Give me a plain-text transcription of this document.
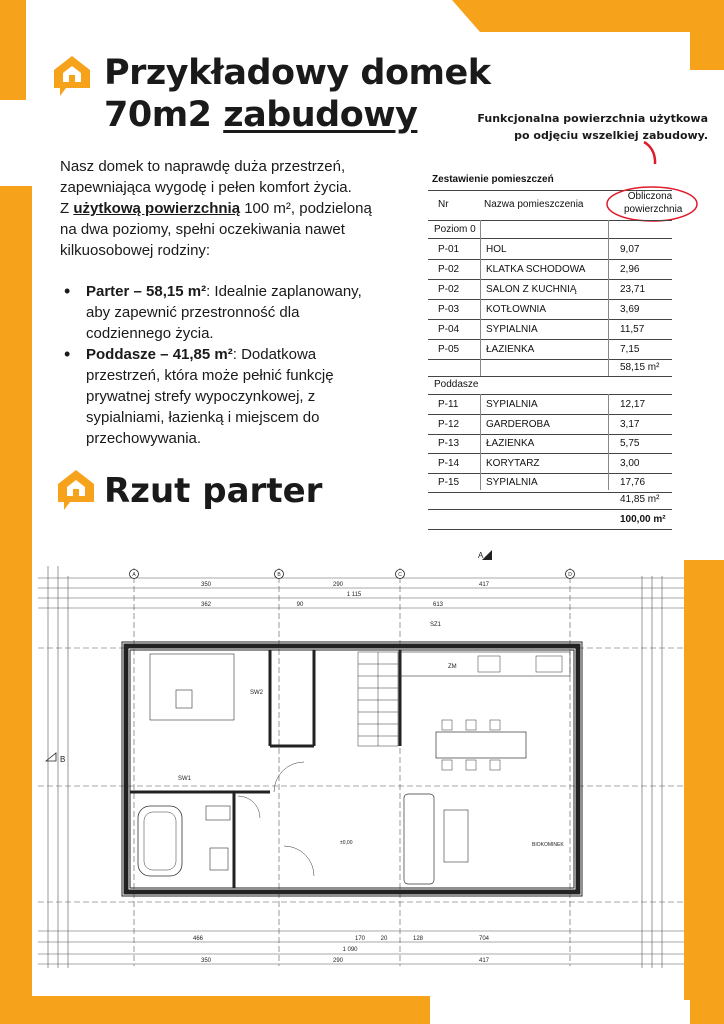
Przykładowy domek
70m2 zabudowy	Funkcjonalna powierzchnia użytkowa
po odjęciu wszelkiej zabudowy.
Nasz domek to naprawdę duża przestrzeń,
zapewniająca wygodę i pełen komfort życia.
Z użytkową powierzchnią 100 m², podzieloną
na dwa poziomy, spełni oczekiwania nawet
kilkuosobowej rodziny:
• Parter – 58,15 m²: Idealnie zaplanowany,
aby zapewnić przestronność dla
codziennego życia.
• Poddasze – 41,85 m²: Dodatkowa
przestrzeń, która może pełnić funkcję
prywatnej strefy wypoczynkowej, z
sypialniami, łazienką i miejscem do
przechowywania.
Rzut parter
Zestawienie pomieszczeń
Nr	Nazwa pomieszczenia
Obliczona
powierzchnia
Poziom 0
P-01	HOL	9,07
P-02	KLATKA SCHODOWA	2,96
P-02	SALON Z KUCHNIĄ	23,71
P-03	KOTŁOWNIA	3,69
P-04	SYPIALNIA	11,57
P-05	ŁAZIENKA	7,15
58,15 m²
Poddasze
P-11	SYPIALNIA	12,17
P-12	GARDEROBA	3,17
P-13	ŁAZIENKA	5,75
P-14	KORYTARZ	3,00
P-15	SYPIALNIA	17,76
41,85 m²
100,00 m²
A	B	C	D
A
B
350	290	417
1 115
362	90	613
466	170	20	128	704
1 090
350	290	417
ZM
SW2
SW1
SZ1
BIOKOMINEK
±0,00
